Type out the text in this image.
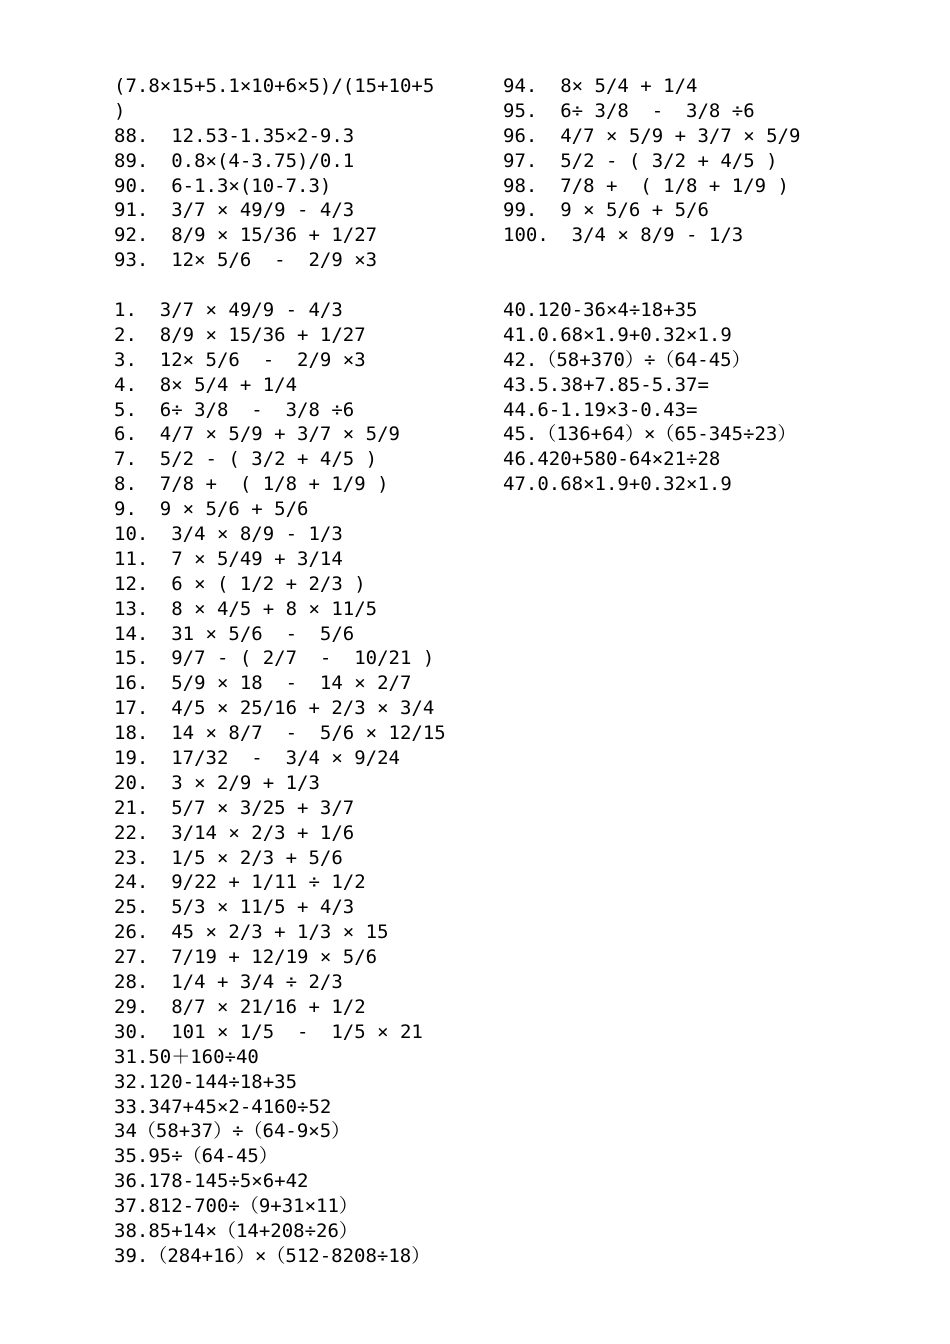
(7.8×15+5.1×10+6×5)/(15+10+5
)
88.  12.53-1.35×2-9.3
89.  0.8×(4-3.75)/0.1
90.  6-1.3×(10-7.3)
91.  3/7 × 49/9 - 4/3
92.  8/9 × 15/36 + 1/27
93.  12× 5/6  -  2/9 ×3
94.  8× 5/4 + 1/4
95.  6÷ 3/8  -  3/8 ÷6
96.  4/7 × 5/9 + 3/7 × 5/9
97.  5/2 - ( 3/2 + 4/5 )
98.  7/8 +  ( 1/8 + 1/9 )
99.  9 × 5/6 + 5/6
100.  3/4 × 8/9 - 1/3
1.  3/7 × 49/9 - 4/3
2.  8/9 × 15/36 + 1/27
3.  12× 5/6  -  2/9 ×3
4.  8× 5/4 + 1/4
5.  6÷ 3/8  -  3/8 ÷6
6.  4/7 × 5/9 + 3/7 × 5/9
7.  5/2 - ( 3/2 + 4/5 )
8.  7/8 +  ( 1/8 + 1/9 )
9.  9 × 5/6 + 5/6
10.  3/4 × 8/9 - 1/3
11.  7 × 5/49 + 3/14
12.  6 × ( 1/2 + 2/3 )
13.  8 × 4/5 + 8 × 11/5
14.  31 × 5/6  -  5/6
15.  9/7 - ( 2/7  -  10/21 )
16.  5/9 × 18  -  14 × 2/7
17.  4/5 × 25/16 + 2/3 × 3/4
18.  14 × 8/7  -  5/6 × 12/15
19.  17/32  -  3/4 × 9/24
20.  3 × 2/9 + 1/3
21.  5/7 × 3/25 + 3/7
22.  3/14 × 2/3 + 1/6
23.  1/5 × 2/3 + 5/6
24.  9/22 + 1/11 ÷ 1/2
25.  5/3 × 11/5 + 4/3
26.  45 × 2/3 + 1/3 × 15
27.  7/19 + 12/19 × 5/6
28.  1/4 + 3/4 ÷ 2/3
29.  8/7 × 21/16 + 1/2
30.  101 × 1/5  -  1/5 × 21
31.50＋160÷40
32.120-144÷18+35
33.347+45×2-4160÷52
34（58+37）÷（64-9×5）
35.95÷（64-45）
36.178-145÷5×6+42
37.812-700÷（9+31×11）
38.85+14×（14+208÷26）
39.（284+16）×（512-8208÷18）
40.120-36×4÷18+35
41.0.68×1.9+0.32×1.9
42.（58+370）÷（64-45）
43.5.38+7.85-5.37=
44.6-1.19×3-0.43=
45.（136+64）×（65-345÷23）
46.420+580-64×21÷28
47.0.68×1.9+0.32×1.9
